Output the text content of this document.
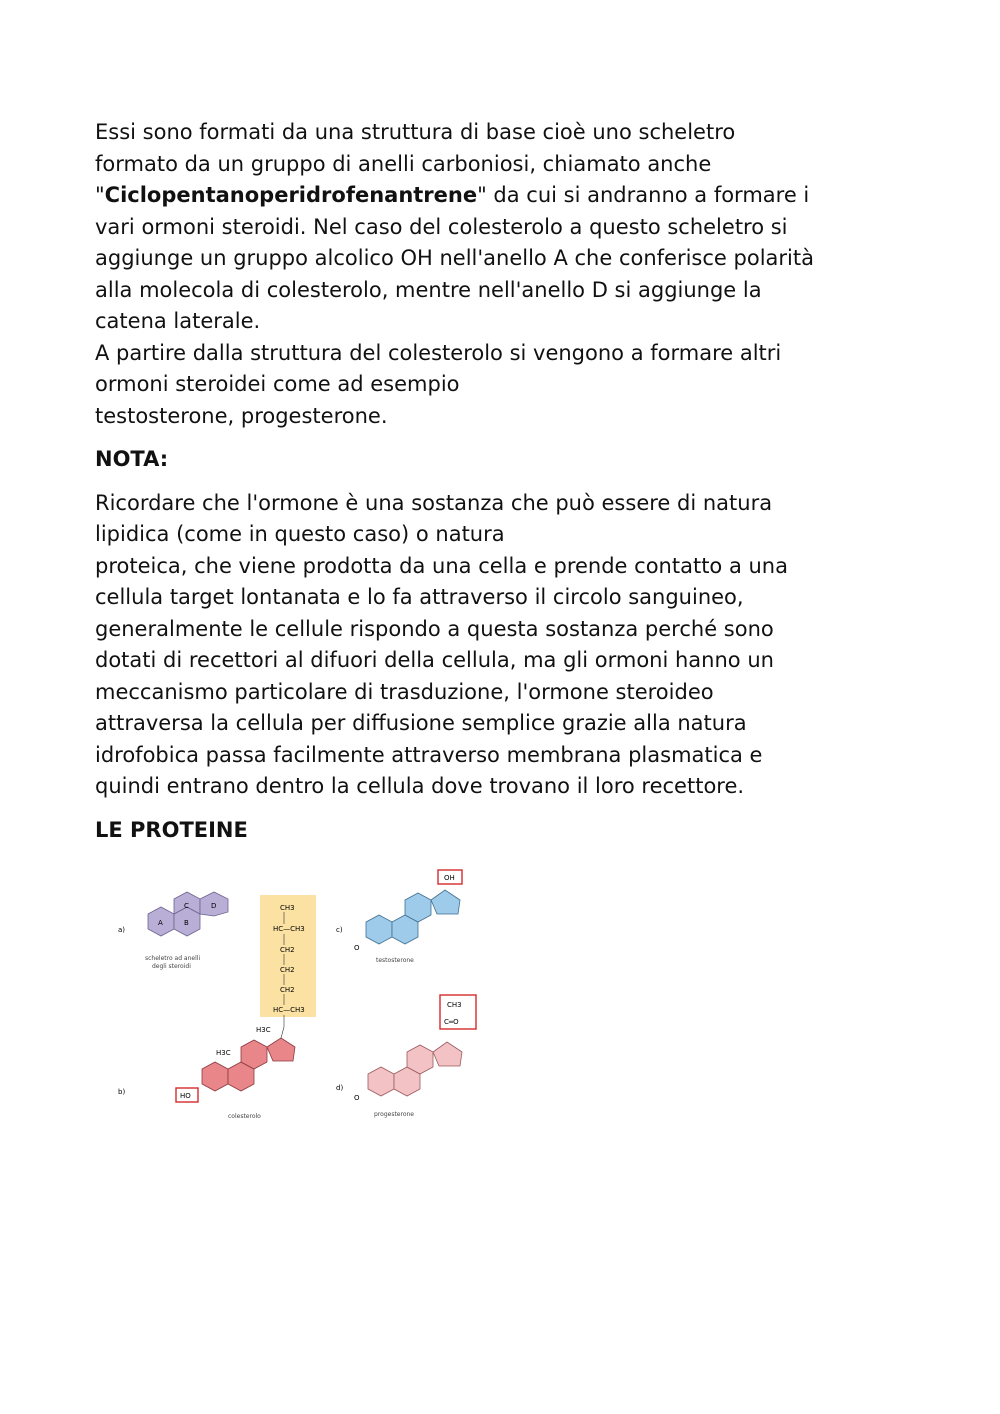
Essi sono formati da una struttura di base cioè uno scheletro
formato da un gruppo di anelli carboniosi, chiamato anche
"Ciclopentanoperidrofenantrene" da cui si andranno a formare i
vari ormoni steroidi. Nel caso del colesterolo a questo scheletro si
aggiunge un gruppo alcolico OH nell'anello A che conferisce polarità
alla molecola di colesterolo, mentre nell'anello D si aggiunge la
catena laterale.
A partire dalla struttura del colesterolo si vengono a formare altri
ormoni steroidei come ad esempio
testosterone, progesterone.
NOTA:
Ricordare che l'ormone è una sostanza che può essere di natura
lipidica (come in questo caso) o natura
proteica, che viene prodotta da una cella e prende contatto a una
cellula target lontanata e lo fa attraverso il circolo sanguineo,
generalmente le cellule rispondo a questa sostanza perché sono
dotati di recettori al difuori della cellula, ma gli ormoni hanno un
meccanismo particolare di trasduzione, l'ormone steroideo
attraversa la cellula per diffusione semplice grazie alla natura
idrofobica passa facilmente attraverso membrana plasmatica e
quindi entrano dentro la cellula dove trovano il loro recettore.
LE PROTEINE
a)
A	B
C	D
scheletro ad anelli
degli steroidi
CH3
HC—CH3
CH2
CH2
CH2
HC—CH3
H3C
H3C
HO
b)
colesterolo
OH
O
c)
testosterone
CH3
C═O
O
d)
progesterone
